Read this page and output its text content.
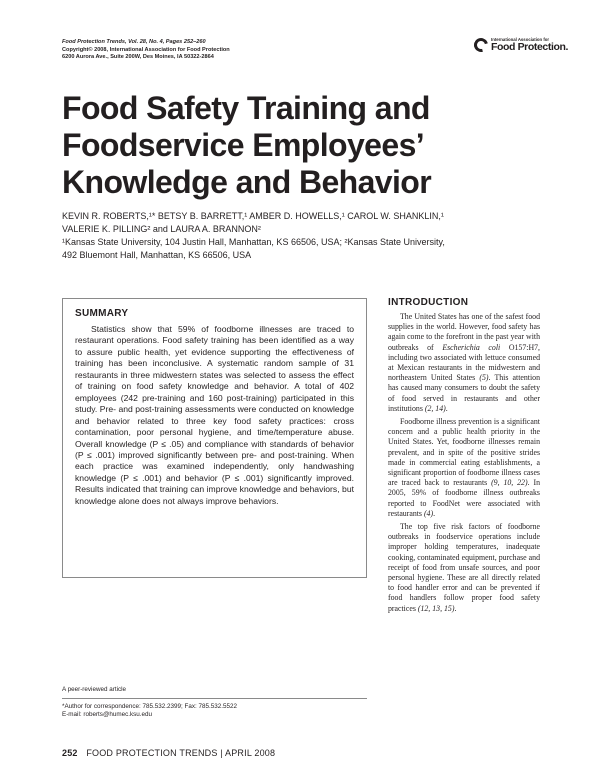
Food Protection Trends, Vol. 28, No. 4, Pages 252–260
Copyright© 2008, International Association for Food Protection
6200 Aurora Ave., Suite 200W, Des Moines, IA 50322-2864
International Association for
Food Protection.
Food Safety Training and
Foodservice Employees’
Knowledge and Behavior
KEVIN R. ROBERTS,¹* BETSY B. BARRETT,¹ AMBER D. HOWELLS,¹ CAROL W. SHANKLIN,¹
VALERIE K. PILLING² and LAURA A. BRANNON²
¹Kansas State University, 104 Justin Hall, Manhattan, KS 66506, USA; ²Kansas State University,
492 Bluemont Hall, Manhattan, KS 66506, USA
SUMMARY

Statistics show that 59% of foodborne illnesses are traced to restaurant operations. Food safety training has been identified as a way to assure public health, yet evidence supporting the effectiveness of training has been inconclusive. A systematic random sample of 31 restaurants in three midwestern states was selected to assess the effect of training on food safety knowledge and behavior. A total of 402 employees (242 pre-training and 160 post-training) participated in this study. Pre- and post-training assessments were conducted on knowledge and behavior related to three key food safety practices: cross contamination, poor personal hygiene, and time/temperature abuse. Overall knowledge (P ≤ .05) and compliance with standards of behavior (P ≤ .001) improved significantly between pre- and post-training. When each practice was examined independently, only handwashing knowledge (P ≤ .001) and behavior (P ≤ .001) significantly improved. Results indicated that training can improve knowledge and behaviors, but knowledge alone does not always improve behaviors.

A peer-reviewed article
*Author for correspondence: 785.532.2399; Fax: 785.532.5522
E-mail: roberts@humec.ksu.edu
INTRODUCTION

The United States has one of the safest food supplies in the world. However, food safety has again come to the forefront in the past year with outbreaks of Escherichia coli O157:H7, including two associated with lettuce consumed at Mexican restaurants in the midwestern and northeastern United States (5). This attention has caused many consumers to doubt the safety of food served in restaurants and other institutions (2, 14).

Foodborne illness prevention is a significant concern and a public health priority in the United States. Yet, foodborne illnesses remain prevalent, and in spite of the positive strides made in commercial eating establishments, a significant proportion of foodborne illness cases are traced back to restaurants (9, 10, 22). In 2005, 59% of foodborne illness outbreaks reported to FoodNet were associated with restaurants (4).

The top five risk factors of foodborne outbreaks in foodservice operations include improper holding temperatures, inadequate cooking, contaminated equipment, purchase and receipt of food from unsafe sources, and poor personal hygiene. These are all directly related to food handler error and can be prevented if food handlers follow proper food safety practices (12, 13, 15).

252 FOOD PROTECTION TRENDS | APRIL 2008
